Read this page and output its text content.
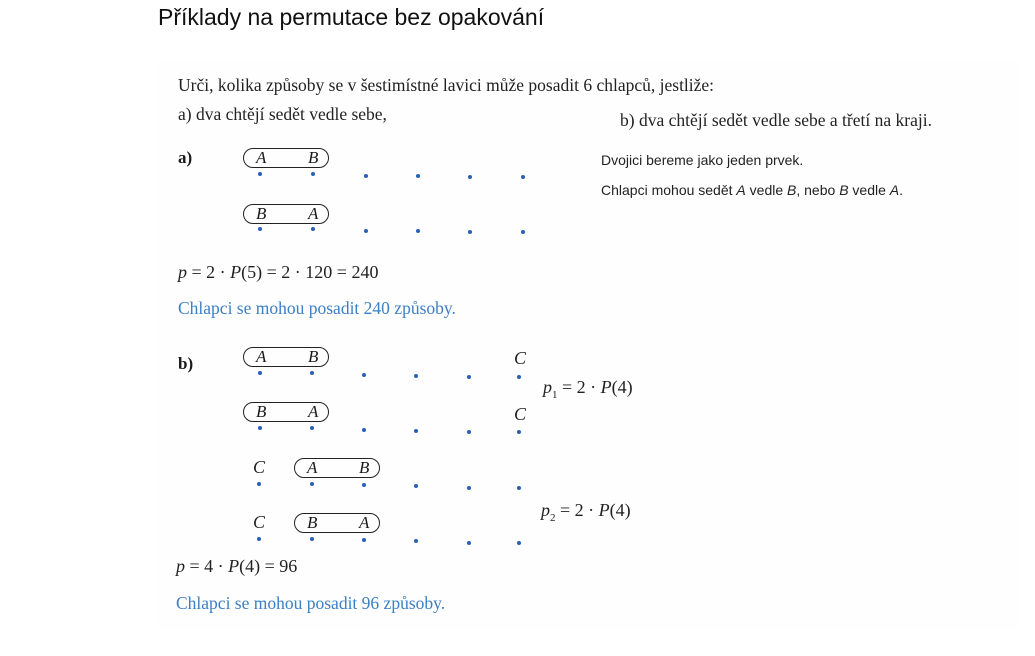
Příklady na permutace bez opakování
Urči, kolika způsoby se v šestimístné lavici může posadit 6 chlapců, jestliže:
a) dva chtějí sedět vedle sebe,	b) dva chtějí sedět vedle sebe a třetí na kraji.
a)	A B
B A
Dvojici bereme jako jeden prvek.
Chlapci mohou sedět A vedle B, nebo B vedle A.
p = 2 · P(5) = 2 · 120 = 240
Chlapci se mohou posadit 240 způsoby.
b)	A B	C
B A	C
$p_1 = 2 \cdot P(4)$
C A B
C B A
$p_2 = 2 \cdot P(4)$
p = 4 · P(4) = 96
Chlapci se mohou posadit 96 způsoby.
